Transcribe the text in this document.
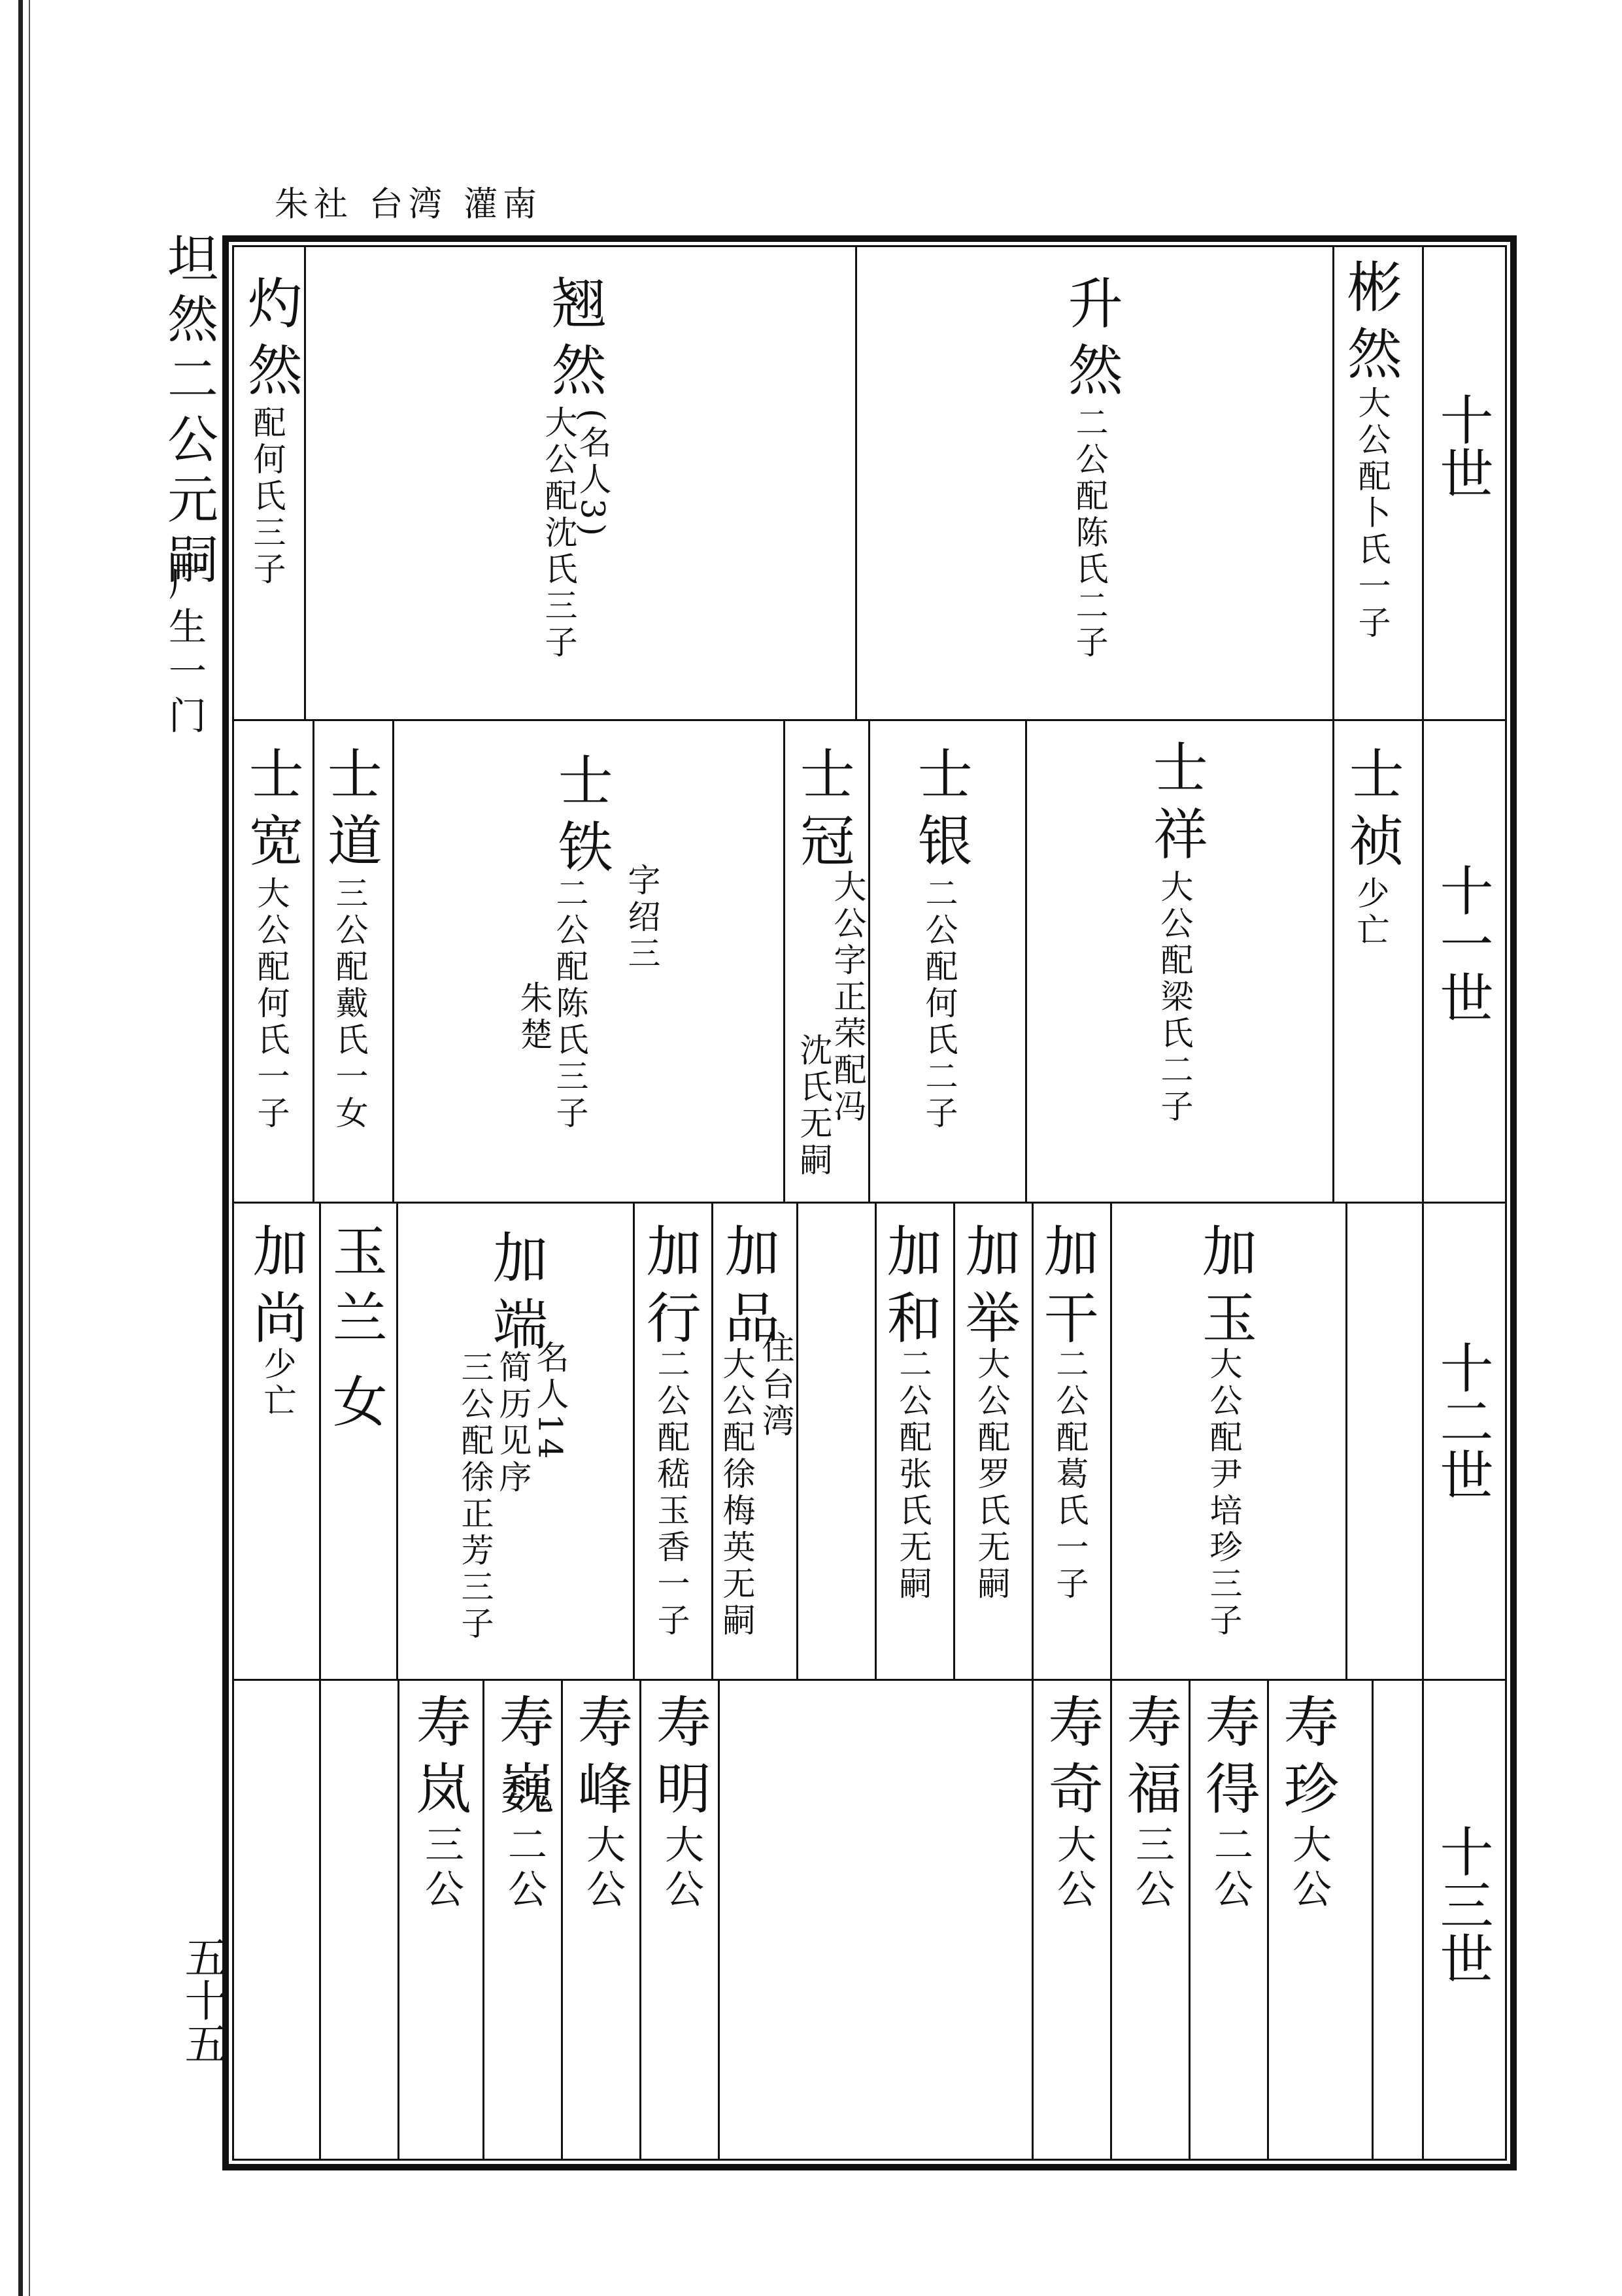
朱社 台湾 灌南
坦然二公元嗣
广生一门
五十五
十世
十一世
十二世
十三世
彬然
大公配卜氏一子
升然
二公配陈氏二子
翘然
(名人3)
大公配沈氏三子
灼然
配何氏三子
士祯
少亡
士祥
大公配梁氏二子
士银
二公配何氏二子
士冠
大公字正荣配冯
沈氏无嗣
士铁
字绍三
二公配陈氏三子
朱楚
士道
三公配戴氏一女
士宽
大公配何氏一子
加玉
大公配尹培珍三子
加干
二公配葛氏一子
加举
大公配罗氏无嗣
加和
二公配张氏无嗣
加品
住台湾
大公配徐梅英无嗣
加行
二公配嵇玉香一子
加端
名人14
简历见序
三公配徐正芳三子
玉兰
女
加尚
少亡
寿珍
大公
寿得
二公
寿福
三公
寿奇
大公
寿明
大公
寿峰
大公
寿巍
二公
寿岚
三公
